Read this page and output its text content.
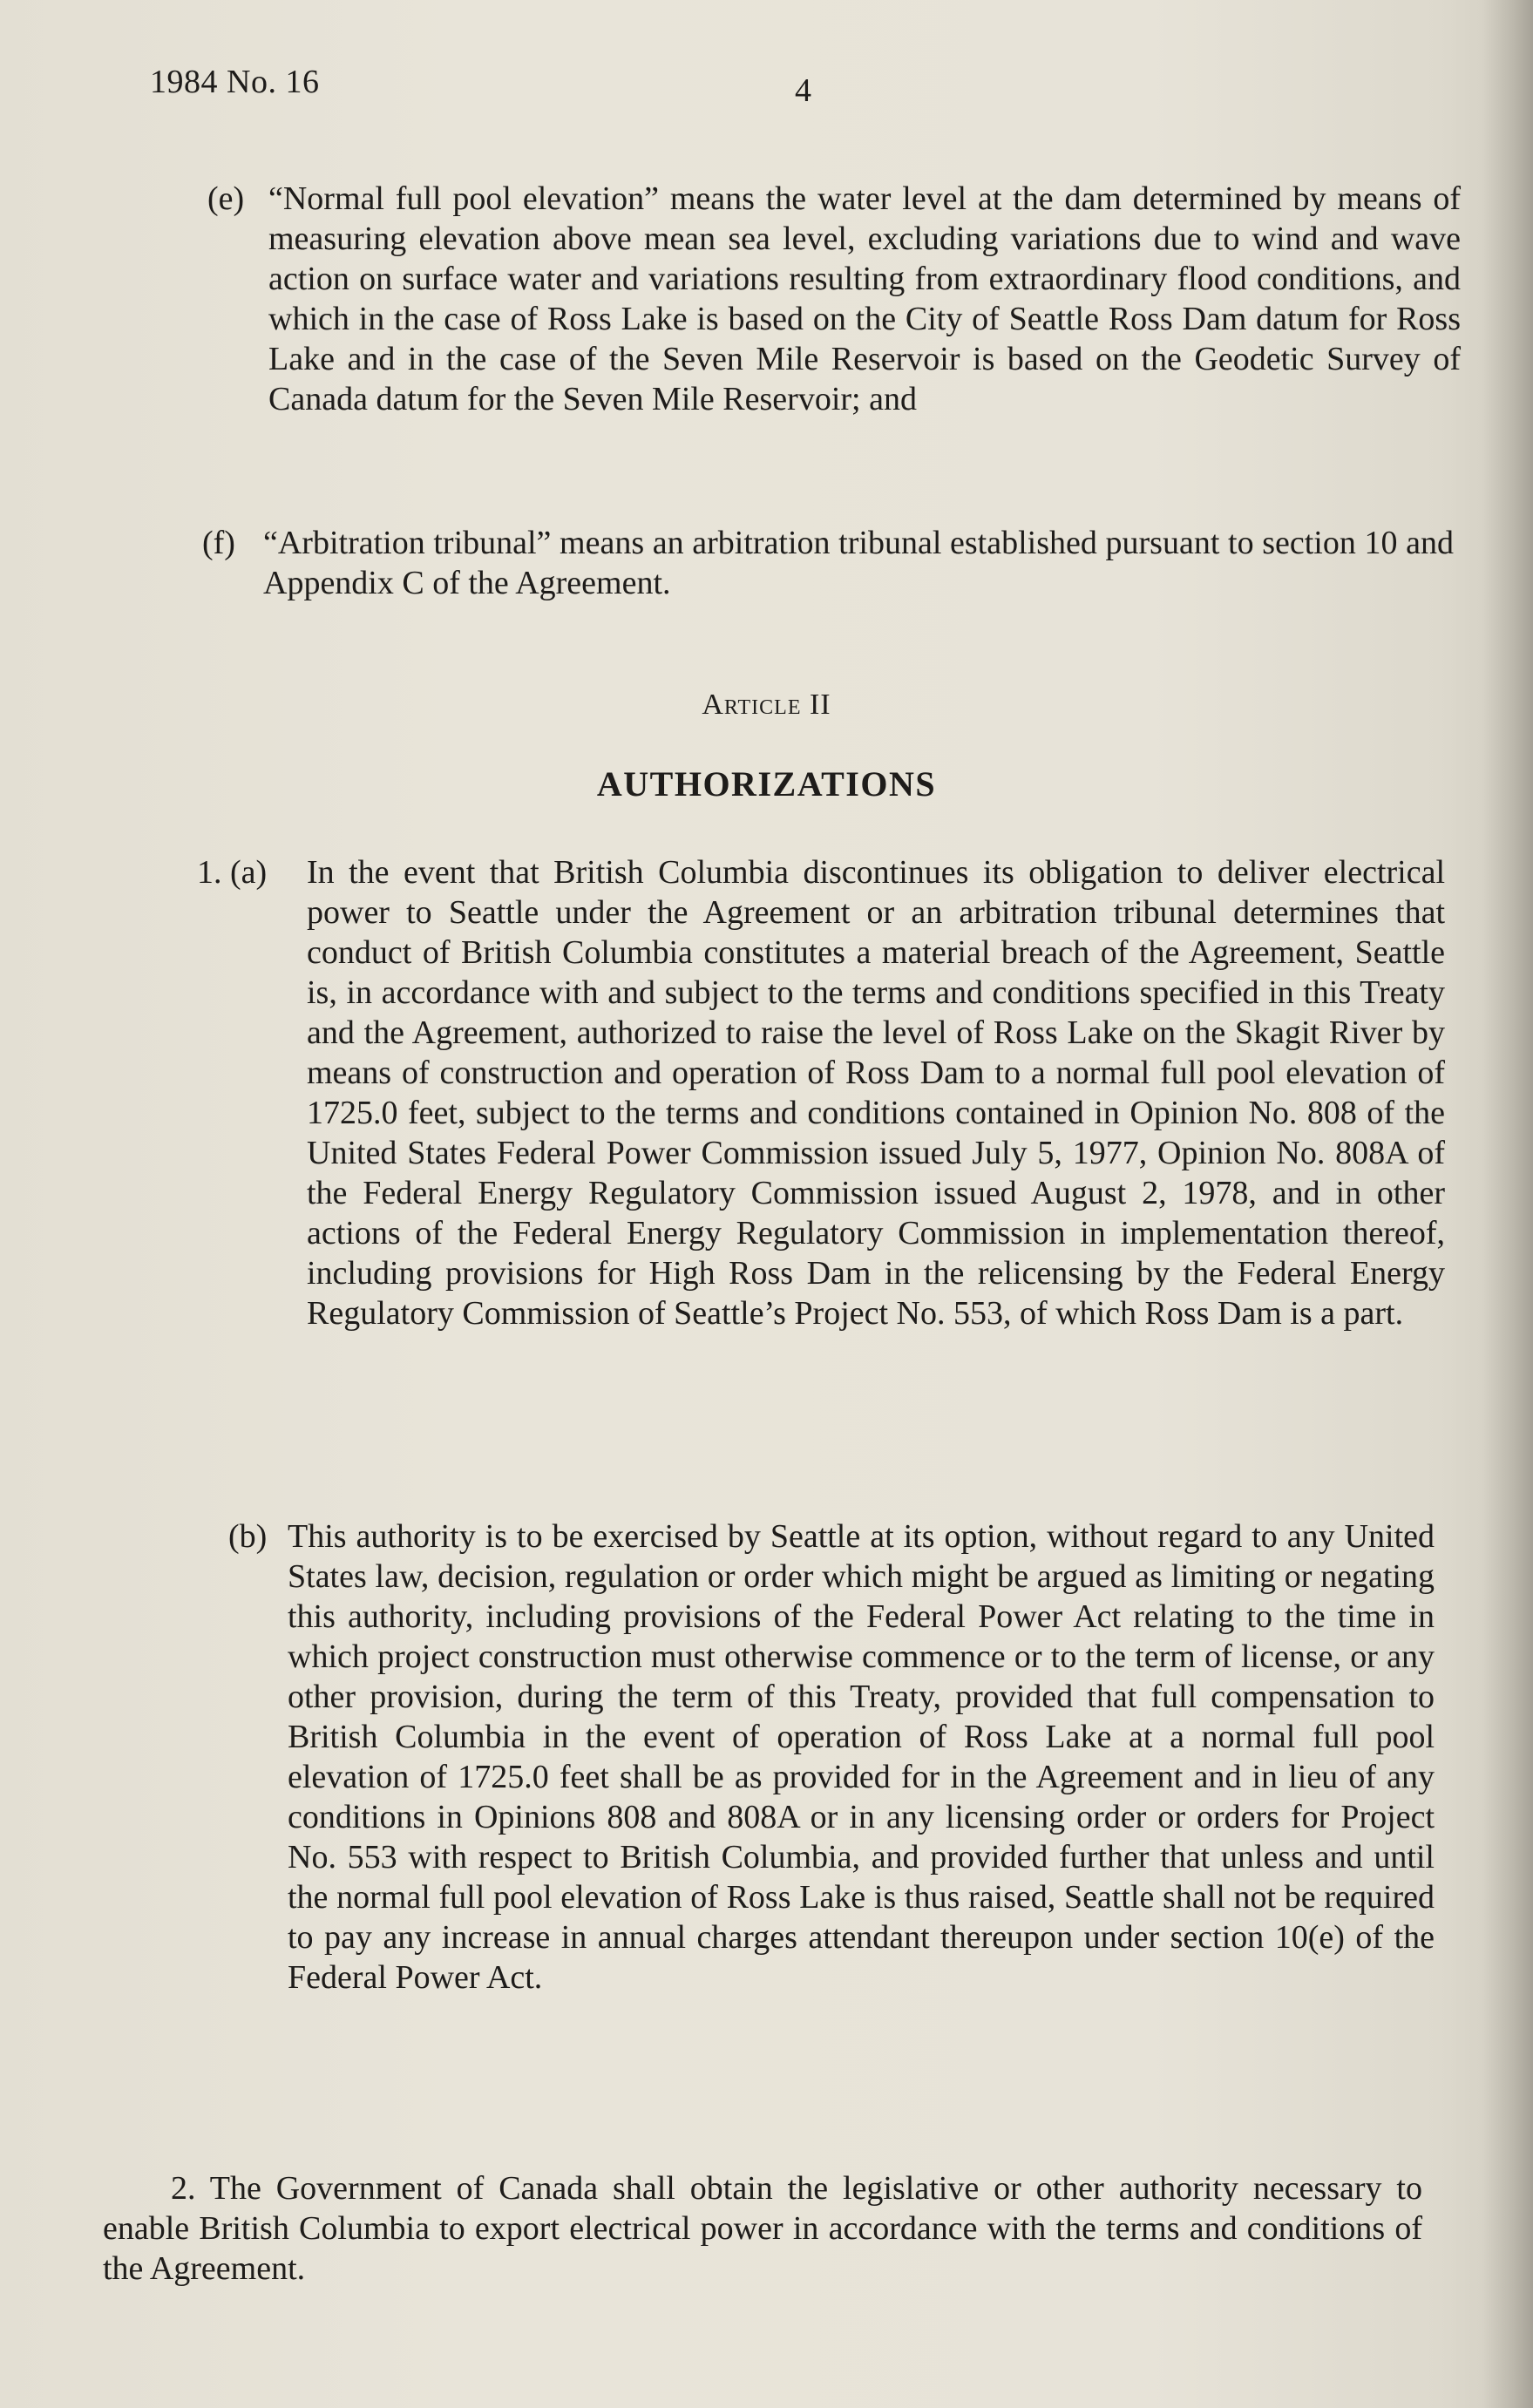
1984 No. 16	4
(e) “Normal full pool elevation” means the water level at the dam determined by means of measuring elevation above mean sea level, excluding variations due to wind and wave action on surface water and variations resulting from extraordinary flood conditions, and which in the case of Ross Lake is based on the City of Seattle Ross Dam datum for Ross Lake and in the case of the Seven Mile Reservoir is based on the Geodetic Survey of Canada datum for the Seven Mile Reservoir; and
(f) “Arbitration tribunal” means an arbitration tribunal established pursuant to section 10 and Appendix C of the Agreement.
Article II
AUTHORIZATIONS
1. (a) In the event that British Columbia discontinues its obligation to deliver electrical power to Seattle under the Agreement or an arbitration tribunal determines that conduct of British Columbia constitutes a material breach of the Agreement, Seattle is, in accordance with and subject to the terms and conditions specified in this Treaty and the Agreement, authorized to raise the level of Ross Lake on the Skagit River by means of construction and operation of Ross Dam to a normal full pool elevation of 1725.0 feet, subject to the terms and conditions contained in Opinion No. 808 of the United States Federal Power Commission issued July 5, 1977, Opinion No. 808A of the Federal Energy Regulatory Commission issued August 2, 1978, and in other actions of the Federal Energy Regulatory Commission in implementation thereof, including provisions for High Ross Dam in the relicensing by the Federal Energy Regulatory Commission of Seattle’s Project No. 553, of which Ross Dam is a part.
(b) This authority is to be exercised by Seattle at its option, without regard to any United States law, decision, regulation or order which might be argued as limiting or negating this authority, including provisions of the Federal Power Act relating to the time in which project construction must otherwise commence or to the term of license, or any other provision, during the term of this Treaty, provided that full compensation to British Columbia in the event of operation of Ross Lake at a normal full pool elevation of 1725.0 feet shall be as provided for in the Agreement and in lieu of any conditions in Opinions 808 and 808A or in any licensing order or orders for Project No. 553 with respect to British Columbia, and provided further that unless and until the normal full pool elevation of Ross Lake is thus raised, Seattle shall not be required to pay any increase in annual charges attendant thereupon under section 10(e) of the Federal Power Act.
2. The Government of Canada shall obtain the legislative or other authority necessary to enable British Columbia to export electrical power in accordance with the terms and conditions of the Agreement.
